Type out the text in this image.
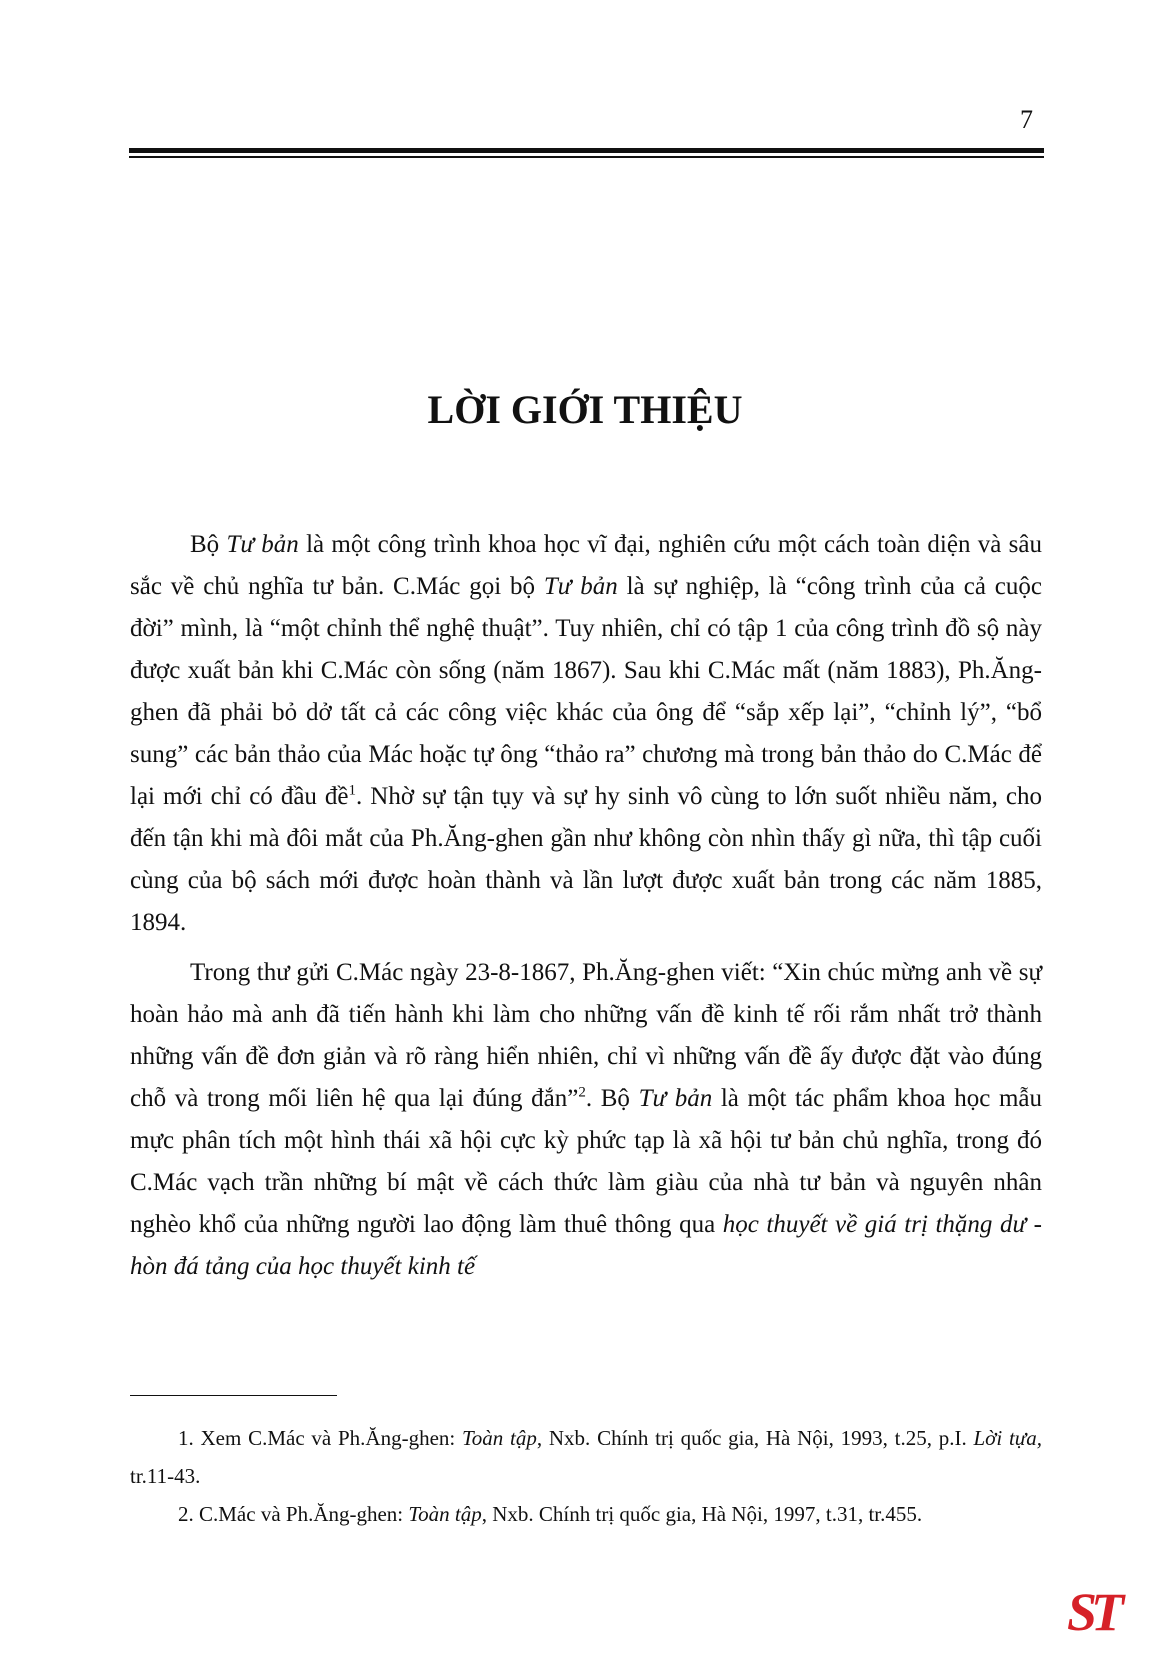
7
LỜI GIỚI THIỆU

Bộ Tư bản là một công trình khoa học vĩ đại, nghiên cứu một cách toàn diện và sâu sắc về chủ nghĩa tư bản. C.Mác gọi bộ Tư bản là sự nghiệp, là “công trình của cả cuộc đời” mình, là “một chỉnh thể nghệ thuật”. Tuy nhiên, chỉ có tập 1 của công trình đồ sộ này được xuất bản khi C.Mác còn sống (năm 1867). Sau khi C.Mác mất (năm 1883), Ph.Ăng-ghen đã phải bỏ dở tất cả các công việc khác của ông để “sắp xếp lại”, “chỉnh lý”, “bổ sung” các bản thảo của Mác hoặc tự ông “thảo ra” chương mà trong bản thảo do C.Mác để lại mới chỉ có đầu đề$^1$. Nhờ sự tận tụy và sự hy sinh vô cùng to lớn suốt nhiều năm, cho đến tận khi mà đôi mắt của Ph.Ăng-ghen gần như không còn nhìn thấy gì nữa, thì tập cuối cùng của bộ sách mới được hoàn thành và lần lượt được xuất bản trong các năm 1885, 1894.

Trong thư gửi C.Mác ngày 23-8-1867, Ph.Ăng-ghen viết: “Xin chúc mừng anh về sự hoàn hảo mà anh đã tiến hành khi làm cho những vấn đề kinh tế rối rắm nhất trở thành những vấn đề đơn giản và rõ ràng hiển nhiên, chỉ vì những vấn đề ấy được đặt vào đúng chỗ và trong mối liên hệ qua lại đúng đắn”$^2$. Bộ Tư bản là một tác phẩm khoa học mẫu mực phân tích một hình thái xã hội cực kỳ phức tạp là xã hội tư bản chủ nghĩa, trong đó C.Mác vạch trần những bí mật về cách thức làm giàu của nhà tư bản và nguyên nhân nghèo khổ của những người lao động làm thuê thông qua học thuyết về giá trị thặng dư - hòn đá tảng của học thuyết kinh tế

1. Xem C.Mác và Ph.Ăng-ghen: Toàn tập, Nxb. Chính trị quốc gia, Hà Nội, 1993, t.25, p.I. Lời tựa, tr.11-43.

2. C.Mác và Ph.Ăng-ghen: Toàn tập, Nxb. Chính trị quốc gia, Hà Nội, 1997, t.31, tr.455.

ST
